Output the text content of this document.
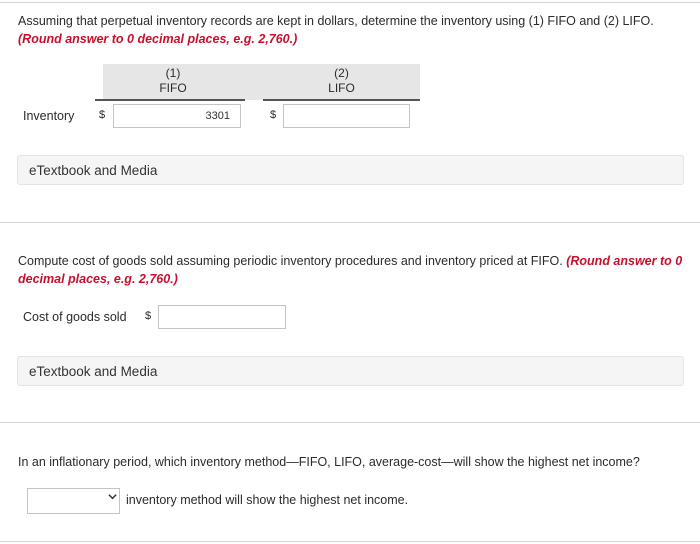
Assuming that perpetual inventory records are kept in dollars, determine the inventory using (1) FIFO and (2) LIFO. (Round answer to 0 decimal places, e.g. 2,760.)
(1)
FIFO
(2)
LIFO
Inventory $	3301	$
eTextbook and Media
Compute cost of goods sold assuming periodic inventory procedures and inventory priced at FIFO. (Round answer to 0 decimal places, e.g. 2,760.)
Cost of goods sold $
eTextbook and Media
In an inflationary period, which inventory method—FIFO, LIFO, average-cost—will show the highest net income?
inventory method will show the highest net income.
